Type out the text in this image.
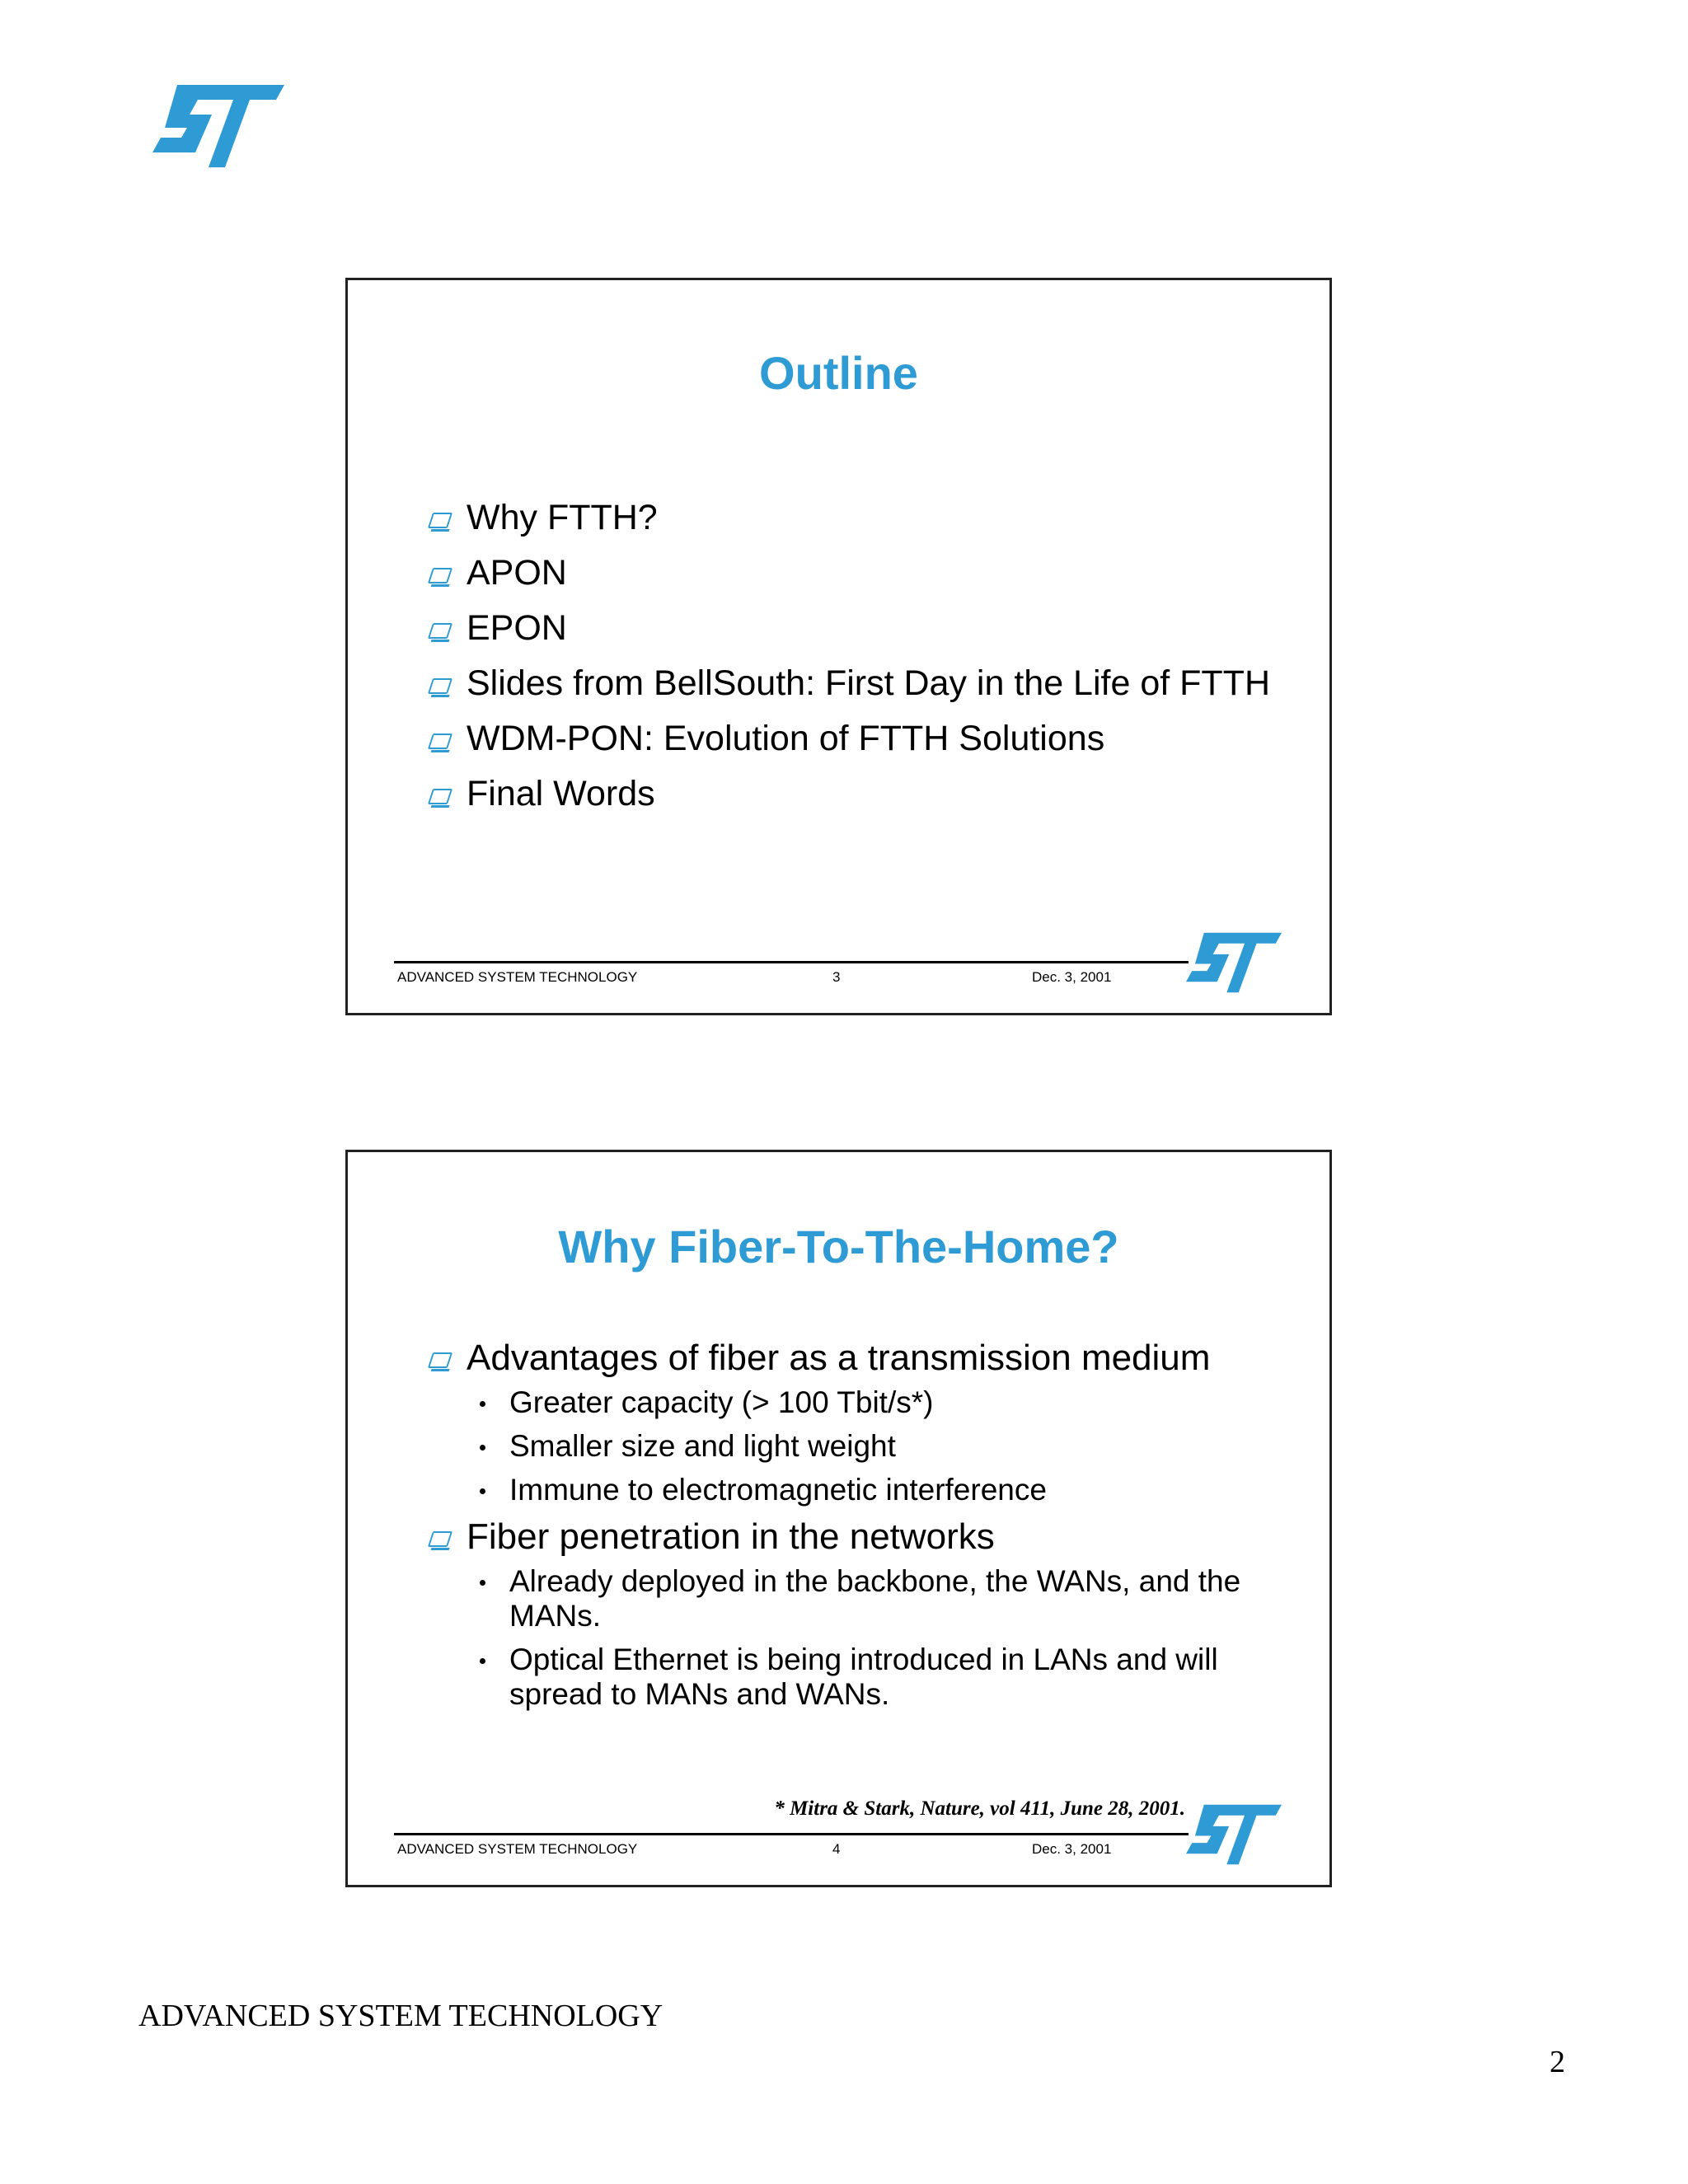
Outline
Why FTTH?
APON
EPON
Slides from BellSouth: First Day in the Life of FTTH
WDM-PON: Evolution of FTTH Solutions
Final Words
ADVANCED SYSTEM TECHNOLOGY	3	Dec. 3, 2001
Why Fiber-To-The-Home?
Advantages of fiber as a transmission medium
Greater capacity (> 100 Tbit/s*)
Smaller size and light weight
Immune to electromagnetic interference
Fiber penetration in the networks
Already deployed in the backbone, the WANs, and the MANs.
Optical Ethernet is being introduced in LANs and will spread to MANs and WANs.
* Mitra & Stark, Nature, vol 411, June 28, 2001.
ADVANCED SYSTEM TECHNOLOGY	4	Dec. 3, 2001
ADVANCED SYSTEM TECHNOLOGY
2
